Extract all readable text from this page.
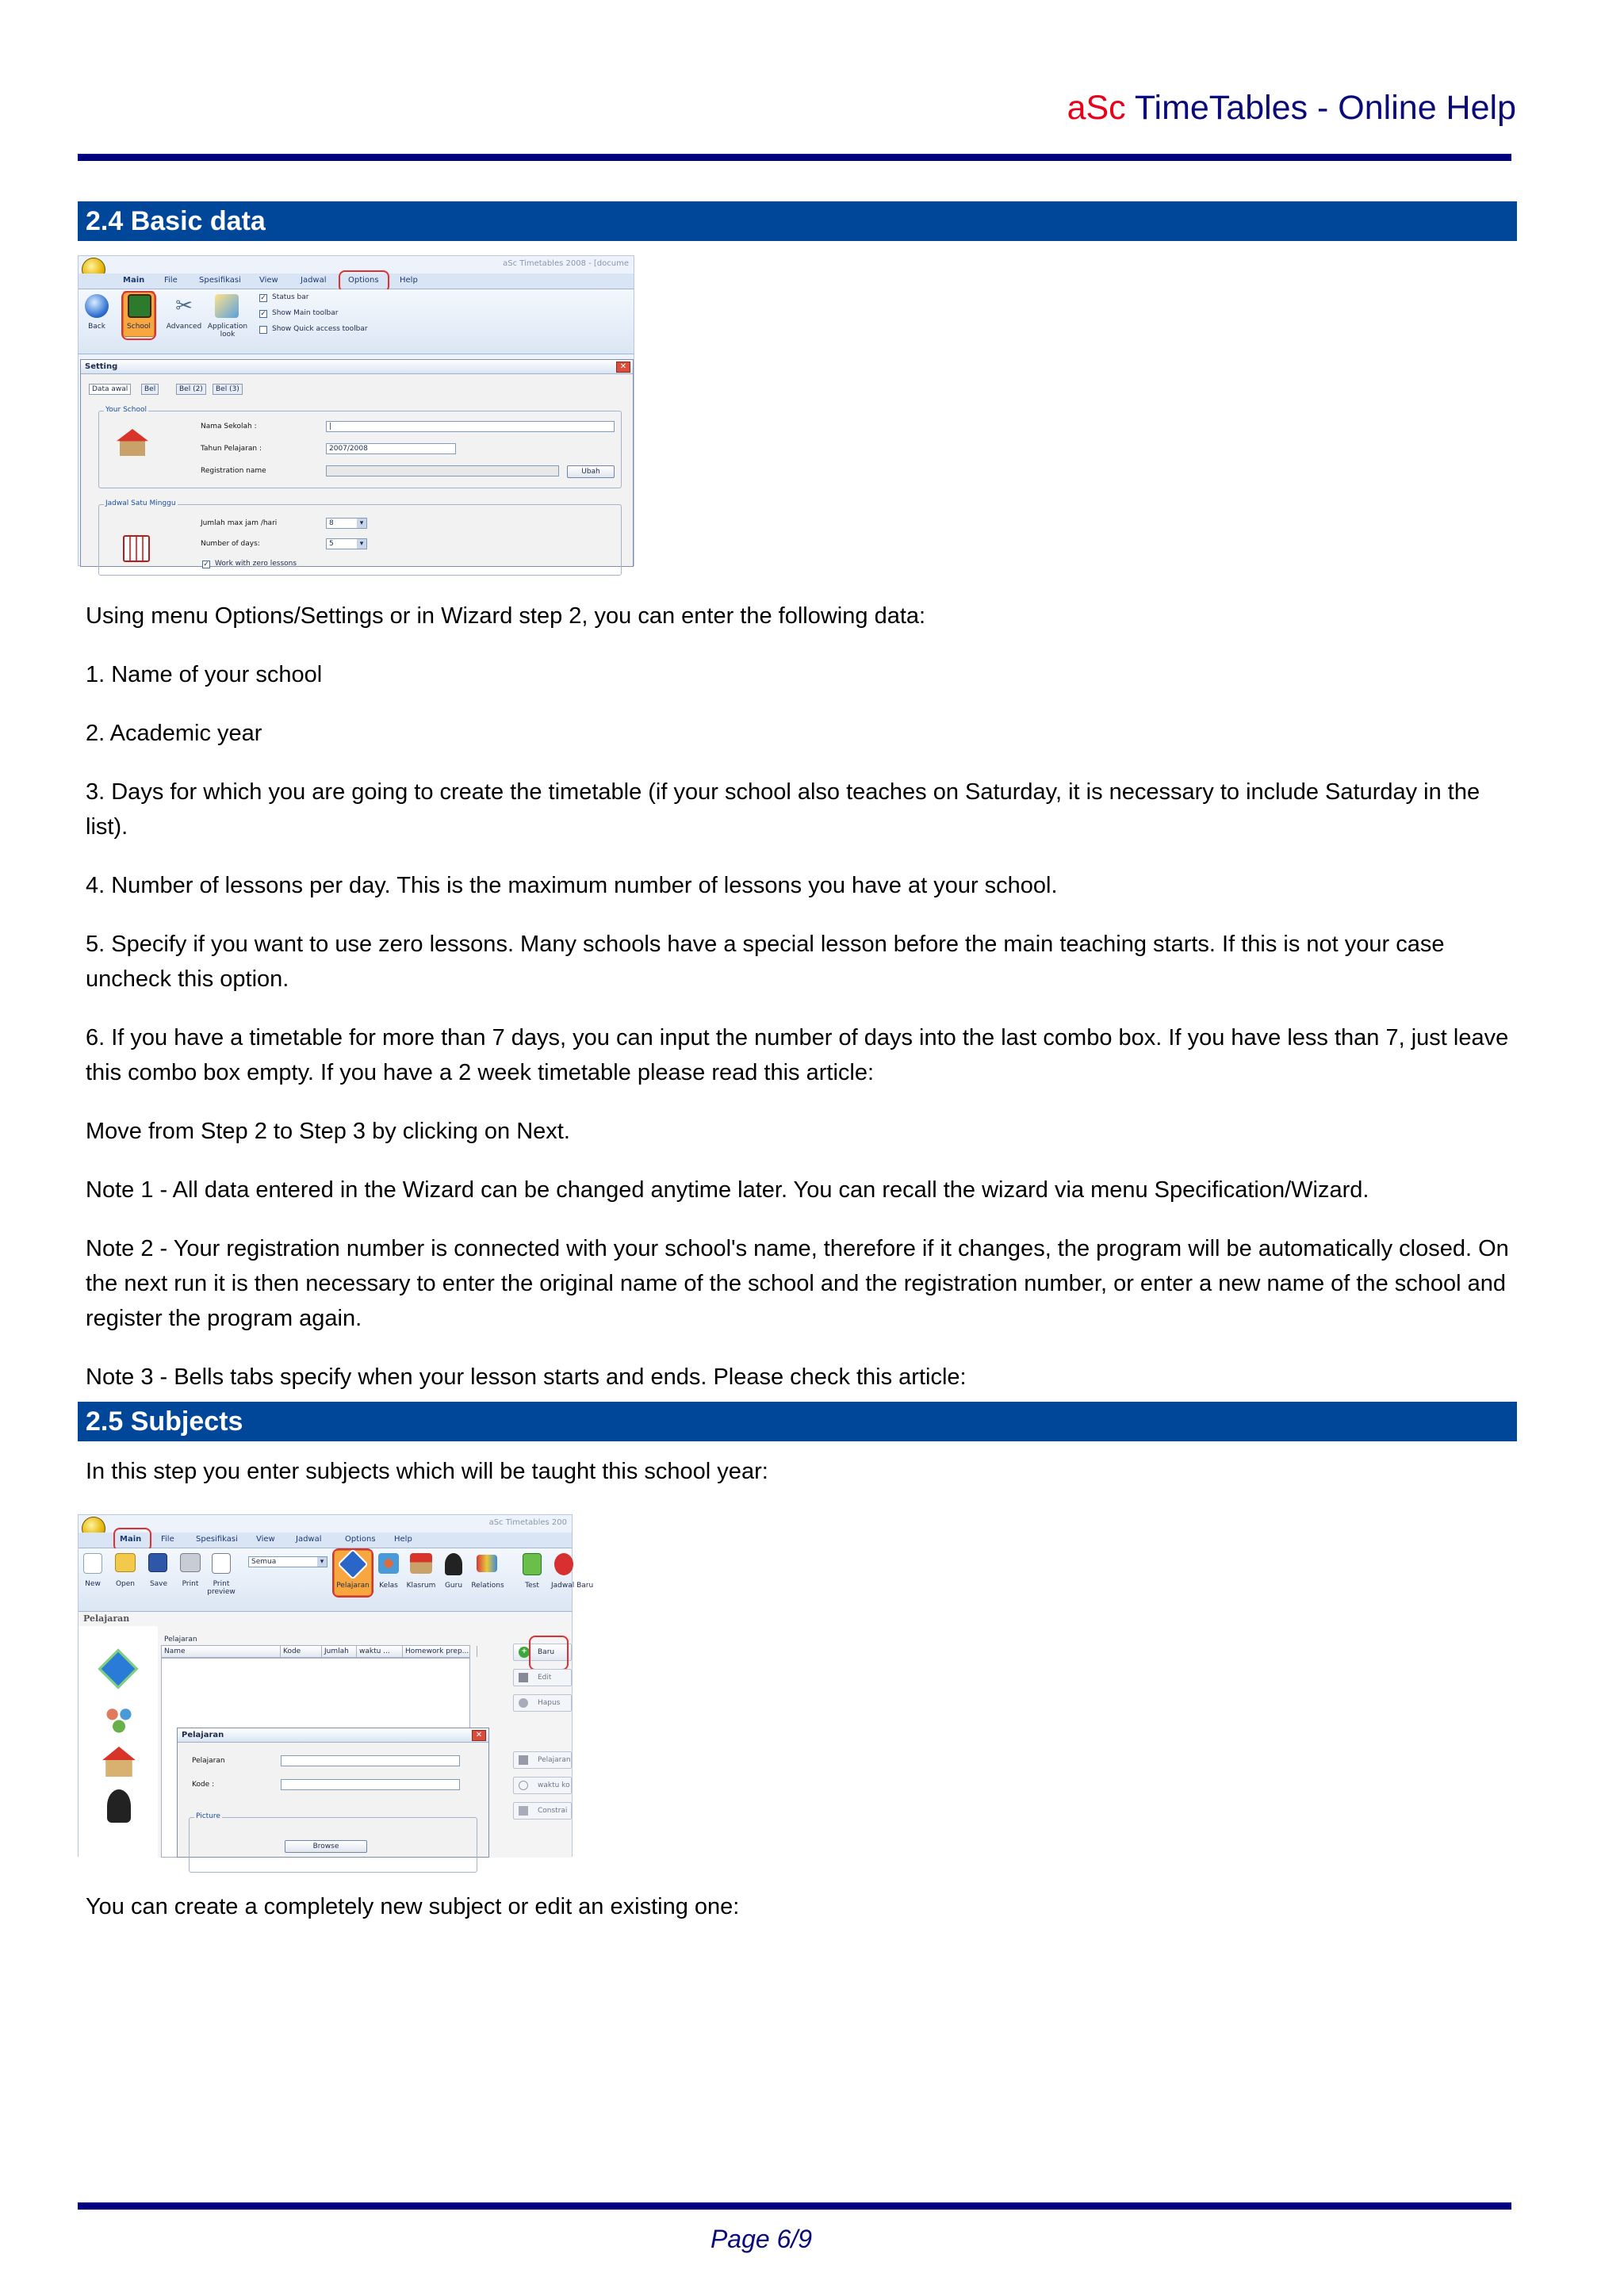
aSc TimeTables - Online Help
2.4 Basic data
aSc Timetables 2008 - [docume
Main File	Spesifikasi View	Jadwal	Options	Help
Back	School
✂
Advanced Application look
✓ Status bar
✓ Show Main toolbar
Show Quick access toolbar
Setting	✕
Data awal	Bel	Bel (2)	Bel (3)
Your School
Nama Sekolah :	|
Tahun Pelajaran :	2007/2008
Registration name	Ubah
Jadwal Satu Minggu
Jumlah max jam /hari	8 ▾
Number of days:	5 ▾
✓ Work with zero lessons
Using menu Options/Settings or in Wizard step 2, you can enter the following data:
1. Name of your school
2. Academic year
3. Days for which you are going to create the timetable (if your school also teaches on Saturday, it is necessary to include Saturday in the list).
4. Number of lessons per day. This is the maximum number of lessons you have at your school.
5. Specify if you want to use zero lessons. Many schools have a special lesson before the main teaching starts. If this is not your case uncheck this option.
6. If you have a timetable for more than 7 days, you can input the number of days into the last combo box. If you have less than 7, just leave this combo box empty. If you have a 2 week timetable please read this article:
Move from Step 2 to Step 3 by clicking on Next.
Note 1 - All data entered in the Wizard can be changed anytime later. You can recall the wizard via menu Specification/Wizard.
Note 2 - Your registration number is connected with your school's name, therefore if it changes, the program will be automatically closed. On the next run it is then necessary to enter the original name of the school and the registration number, or enter a new name of the school and register the program again.
Note 3 - Bells tabs specify when your lesson starts and ends. Please check this article:
2.5 Subjects
In this step you enter subjects which will be taught this school year:
aSc Timetables 200
Main File	Spesifikasi View	Jadwal	Options Help
New	Open	Save	Print	Print preview
Semua ▾
Pelajaran	Kelas	Klasrum	Guru	Relations	Test	Jadwal Baru
Pelajaran
Pelajaran
Name	Kode	Jumlah	waktu ...	Homework prep...	+	Baru
Edit
Hapus
Pelajaran
waktu ko
Constrai
Pelajaran	✕
Pelajaran
Kode :
Picture
Browse
You can create a completely new subject or edit an existing one:
Page 6/9
